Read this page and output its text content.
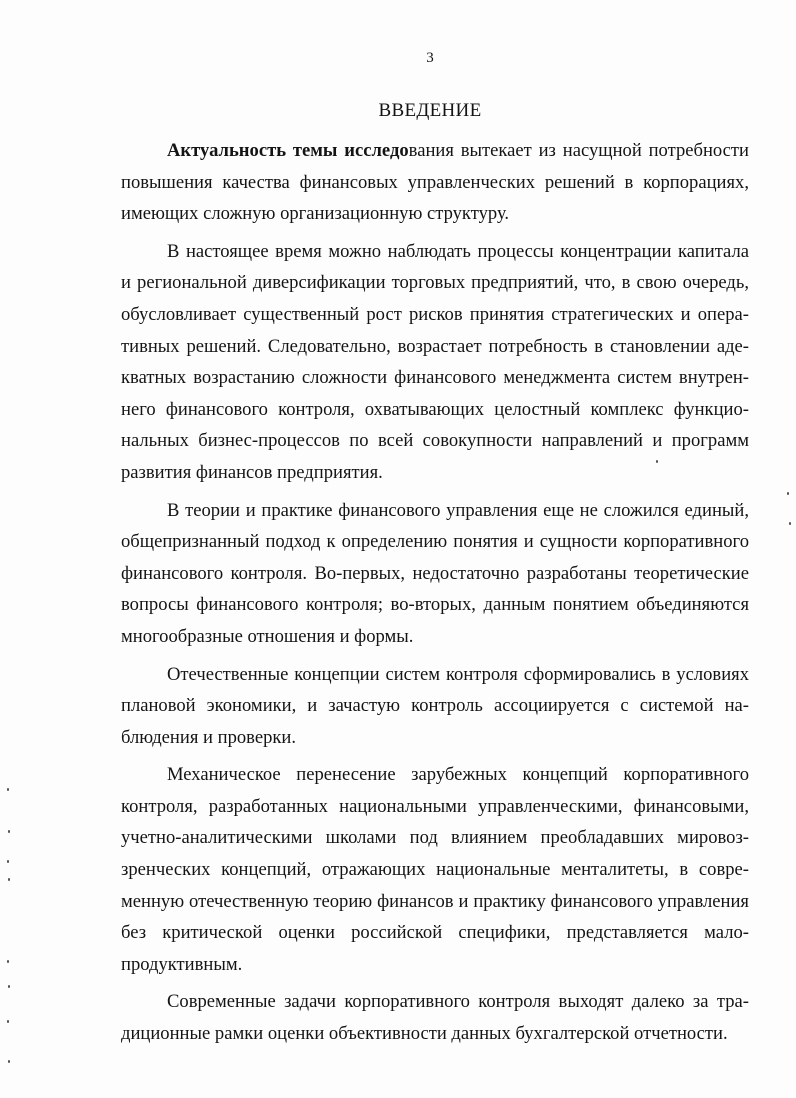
3
ВВЕДЕНИЕ

Актуальность темы исследования вытекает из насущной потребности повышения качества финансовых управленческих решений в корпорациях, имеющих сложную организационную структуру.

В настоящее время можно наблюдать процессы концентрации капитала и региональной диверсификации торговых предприятий, что, в свою очередь, обусловливает существенный рост рисков принятия стратегических и оперативных решений. Следовательно, возрастает потребность в становлении адекватных возрастанию сложности финансового менеджмента систем внутреннего финансового контроля, охватывающих целостный комплекс функциональных бизнес-процессов по всей совокупности направлений и программ развития финансов предприятия.

В теории и практике финансового управления еще не сложился единый, общепризнанный подход к определению понятия и сущности корпоративного финансового контроля. Во-первых, недостаточно разработаны теоретические вопросы финансового контроля; во-вторых, данным понятием объединяются многообразные отношения и формы.

Отечественные концепции систем контроля сформировались в условиях плановой экономики, и зачастую контроль ассоциируется с системой наблюдения и проверки.

Механическое перенесение зарубежных концепций корпоративного контроля, разработанных национальными управленческими, финансовыми, учетно-аналитическими школами под влиянием преобладавших мировоззренческих концепций, отражающих национальные менталитеты, в современную отечественную теорию финансов и практику финансового управления без критической оценки российской специфики, представляется малопродуктивным.

Современные задачи корпоративного контроля выходят далеко за традиционные рамки оценки объективности данных бухгалтерской отчетности.
